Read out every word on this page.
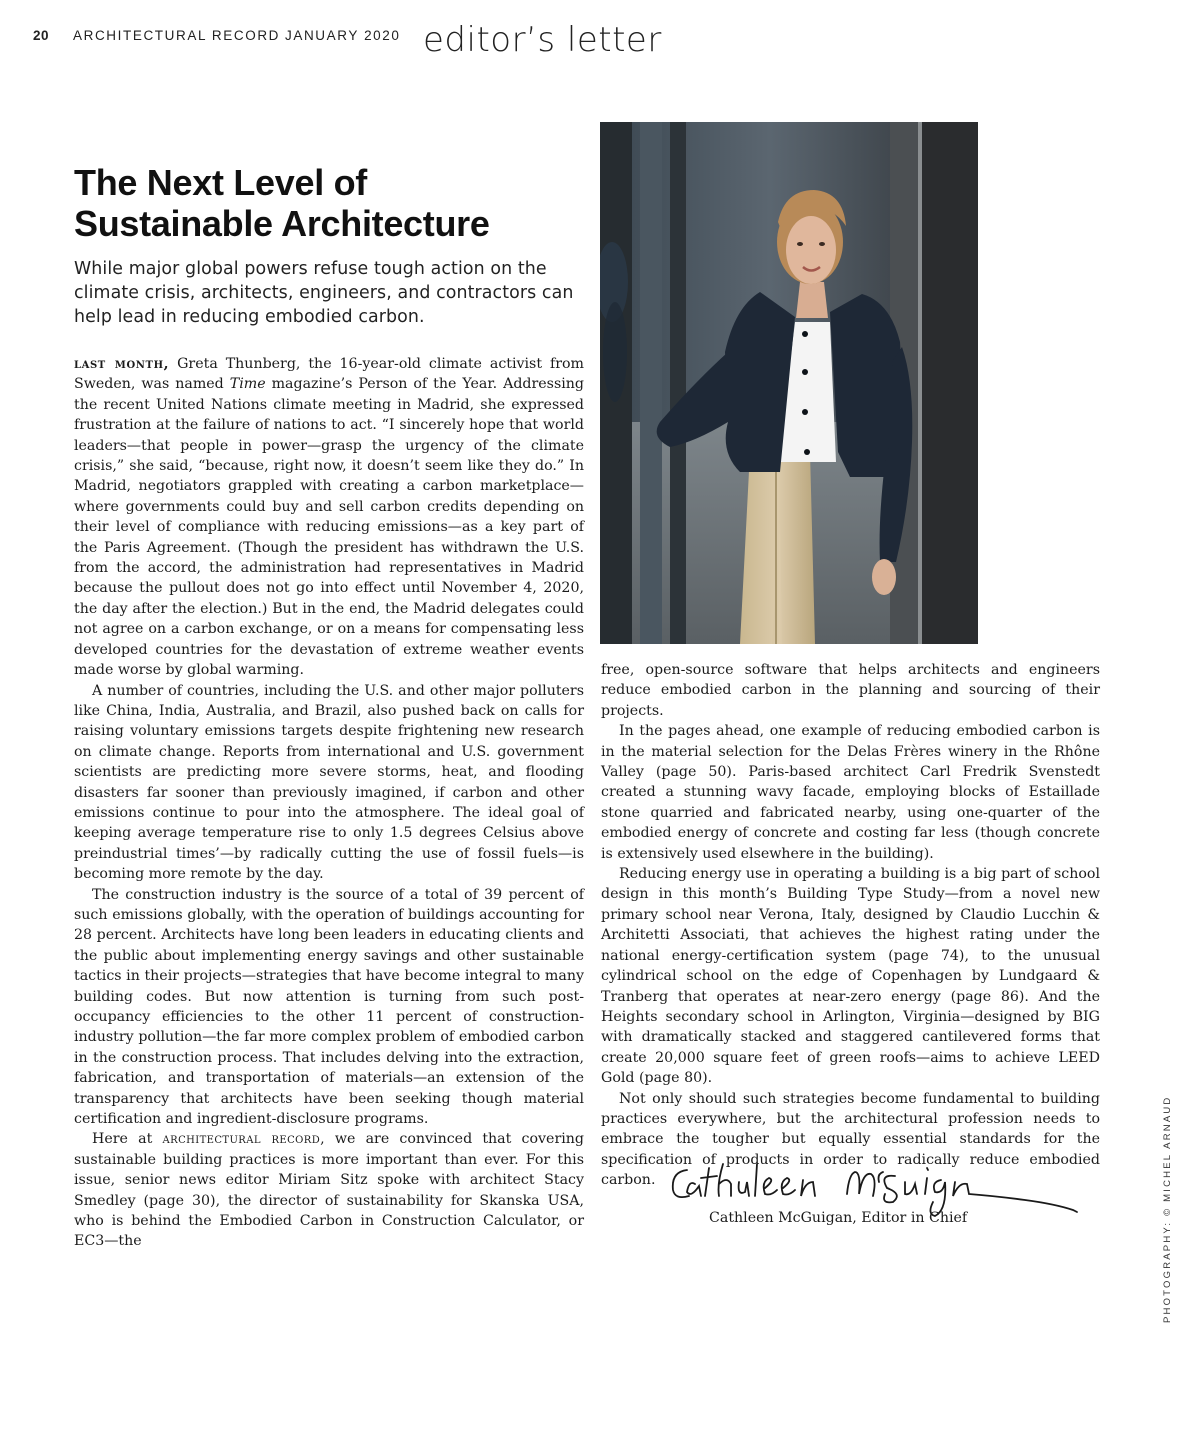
20 ARCHITECTURAL RECORD JANUARY 2020 editor’s letter
The Next Level of
Sustainable Architecture

While major global powers refuse tough action on the climate crisis, architects, engineers, and contractors can help lead in reducing embodied carbon.

last month, Greta Thunberg, the 16-year-old climate activist from Sweden, was named Time magazine’s Person of the Year. Addressing the recent United Nations climate meeting in Madrid, she expressed frustration at the failure of nations to act. “I sincerely hope that world leaders—that people in power—grasp the urgency of the climate crisis,” she said, “because, right now, it doesn’t seem like they do.” In Madrid, negotiators grappled with creating a carbon marketplace—where governments could buy and sell carbon credits depending on their level of compliance with reducing emissions—as a key part of the Paris Agreement. (Though the president has withdrawn the U.S. from the accord, the administration had representatives in Madrid because the pullout does not go into effect until November 4, 2020, the day after the election.) But in the end, the Madrid delegates could not agree on a carbon exchange, or on a means for compensating less developed countries for the devastation of extreme weather events made worse by global warming.

A number of countries, including the U.S. and other major polluters like China, India, Australia, and Brazil, also pushed back on calls for raising voluntary emissions targets despite frightening new research on climate change. Reports from international and U.S. government scientists are predicting more severe storms, heat, and flooding disasters far sooner than previously imagined, if carbon and other emissions continue to pour into the atmosphere. The ideal goal of keeping average temperature rise to only 1.5 degrees Celsius above preindustrial times’—by radically cutting the use of fossil fuels—is becoming more remote by the day.

The construction industry is the source of a total of 39 percent of such emissions globally, with the operation of buildings accounting for 28 percent. Architects have long been leaders in educating clients and the public about implementing energy savings and other sustainable tactics in their projects—strategies that have become integral to many building codes. But now attention is turning from such post-occupancy efficiencies to the other 11 percent of construction-industry pollution—the far more complex problem of embodied carbon in the construction process. That includes delving into the extraction, fabrication, and transportation of materials—an extension of the transparency that architects have been seeking though material certification and ingredient-disclosure programs.

Here at architectural record, we are convinced that covering sustainable building practices is more important than ever. For this issue, senior news editor Miriam Sitz spoke with architect Stacy Smedley (page 30), the director of sustainability for Skanska USA, who is behind the Embodied Carbon in Construction Calculator, or EC3—the

free, open-source software that helps architects and engineers reduce embodied carbon in the planning and sourcing of their projects.

In the pages ahead, one example of reducing embodied carbon is in the material selection for the Delas Frères winery in the Rhône Valley (page 50). Paris-based architect Carl Fredrik Svenstedt created a stunning wavy facade, employing blocks of Estaillade stone quarried and fabricated nearby, using one-quarter of the embodied energy of concrete and costing far less (though concrete is extensively used elsewhere in the building).

Reducing energy use in operating a building is a big part of school design in this month’s Building Type Study—from a novel new primary school near Verona, Italy, designed by Claudio Lucchin & Architetti Associati, that achieves the highest rating under the national energy-certification system (page 74), to the unusual cylindrical school on the edge of Copenhagen by Lundgaard & Tranberg that operates at near-zero energy (page 86). And the Heights secondary school in Arlington, Virginia—designed by BIG with dramatically stacked and staggered cantilevered forms that create 20,000 square feet of green roofs—aims to achieve LEED Gold (page 80).

Not only should such strategies become fundamental to building practices everywhere, but the architectural profession needs to embrace the tougher but equally essential standards for the specification of products in order to radically reduce embodied carbon.

Cathleen McGuigan	Cathleen McGuigan, Editor in Chief	PHOTOGRAPHY: © MICHEL ARNAUD
